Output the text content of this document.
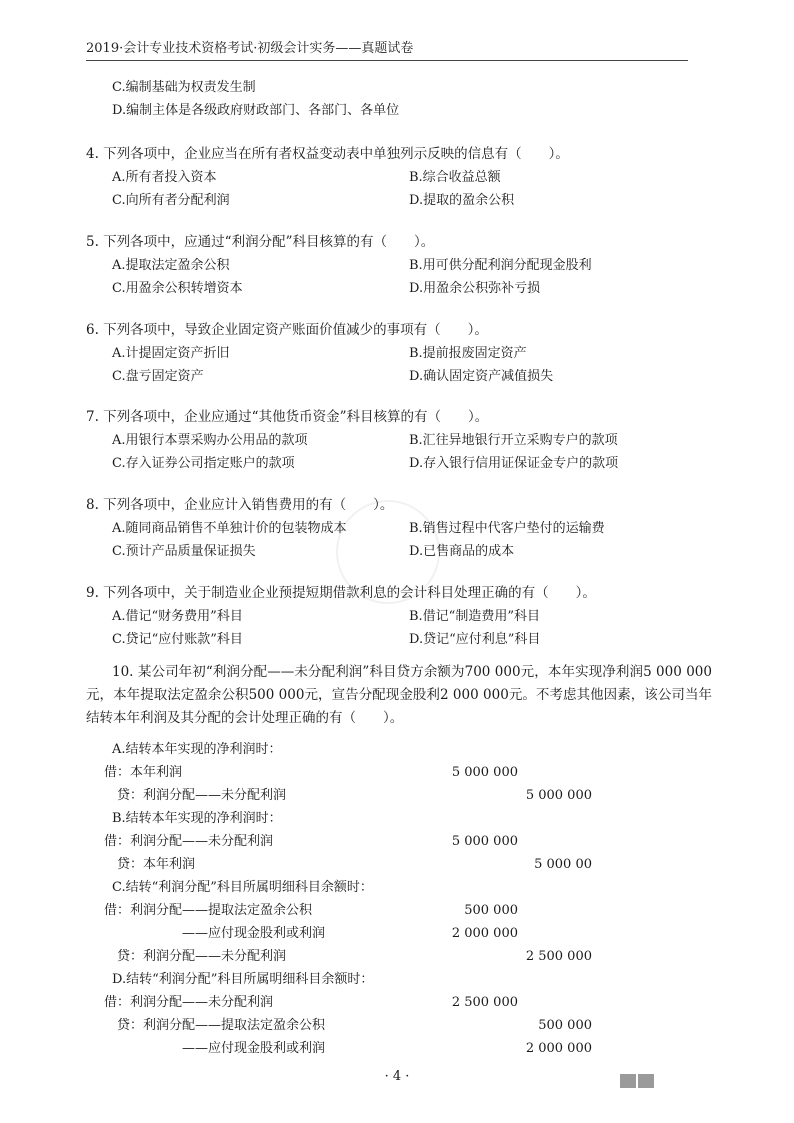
2019·会计专业技术资格考试·初级会计实务——真题试卷
C.编制基础为权责发生制
D.编制主体是各级政府财政部门、各部门、各单位
4. 下列各项中，企业应当在所有者权益变动表中单独列示反映的信息有（　　）。
A.所有者投入资本	B.综合收益总额
C.向所有者分配利润	D.提取的盈余公积
5. 下列各项中，应通过“利润分配”科目核算的有（　　）。
A.提取法定盈余公积	B.用可供分配利润分配现金股利
C.用盈余公积转增资本	D.用盈余公积弥补亏损
6. 下列各项中，导致企业固定资产账面价值减少的事项有（　　）。
A.计提固定资产折旧	B.提前报废固定资产
C.盘亏固定资产	D.确认固定资产减值损失
7. 下列各项中，企业应通过“其他货币资金”科目核算的有（　　）。
A.用银行本票采购办公用品的款项	B.汇往异地银行开立采购专户的款项
C.存入证券公司指定账户的款项	D.存入银行信用证保证金专户的款项
8. 下列各项中，企业应计入销售费用的有（　　）。
A.随同商品销售不单独计价的包装物成本	B.销售过程中代客户垫付的运输费
C.预计产品质量保证损失	D.已售商品的成本
9. 下列各项中，关于制造业企业预提短期借款利息的会计科目处理正确的有（　　）。
A.借记“财务费用”科目	B.借记“制造费用”科目
C.贷记“应付账款”科目	D.贷记“应付利息”科目
10. 某公司年初“利润分配——未分配利润”科目贷方余额为700 000元，本年实现净利润5 000 000元，本年提取法定盈余公积500 000元，宣告分配现金股利2 000 000元。不考虑其他因素，该公司当年结转本年利润及其分配的会计处理正确的有（　　）。
A.结转本年实现的净利润时：
借：本年利润	5 000 000
　贷：利润分配——未分配利润	5 000 000
B.结转本年实现的净利润时：
借：利润分配——未分配利润	5 000 000
　贷：本年利润	5 000 00
C.结转“利润分配”科目所属明细科目余额时：
借：利润分配——提取法定盈余公积	500 000
　　　　　　——应付现金股利或利润	2 000 000
　贷：利润分配——未分配利润	2 500 000
D.结转“利润分配”科目所属明细科目余额时：
借：利润分配——未分配利润	2 500 000
　贷：利润分配——提取法定盈余公积	500 000
　　　　　　——应付现金股利或利润	2 000 000
· 4 ·
